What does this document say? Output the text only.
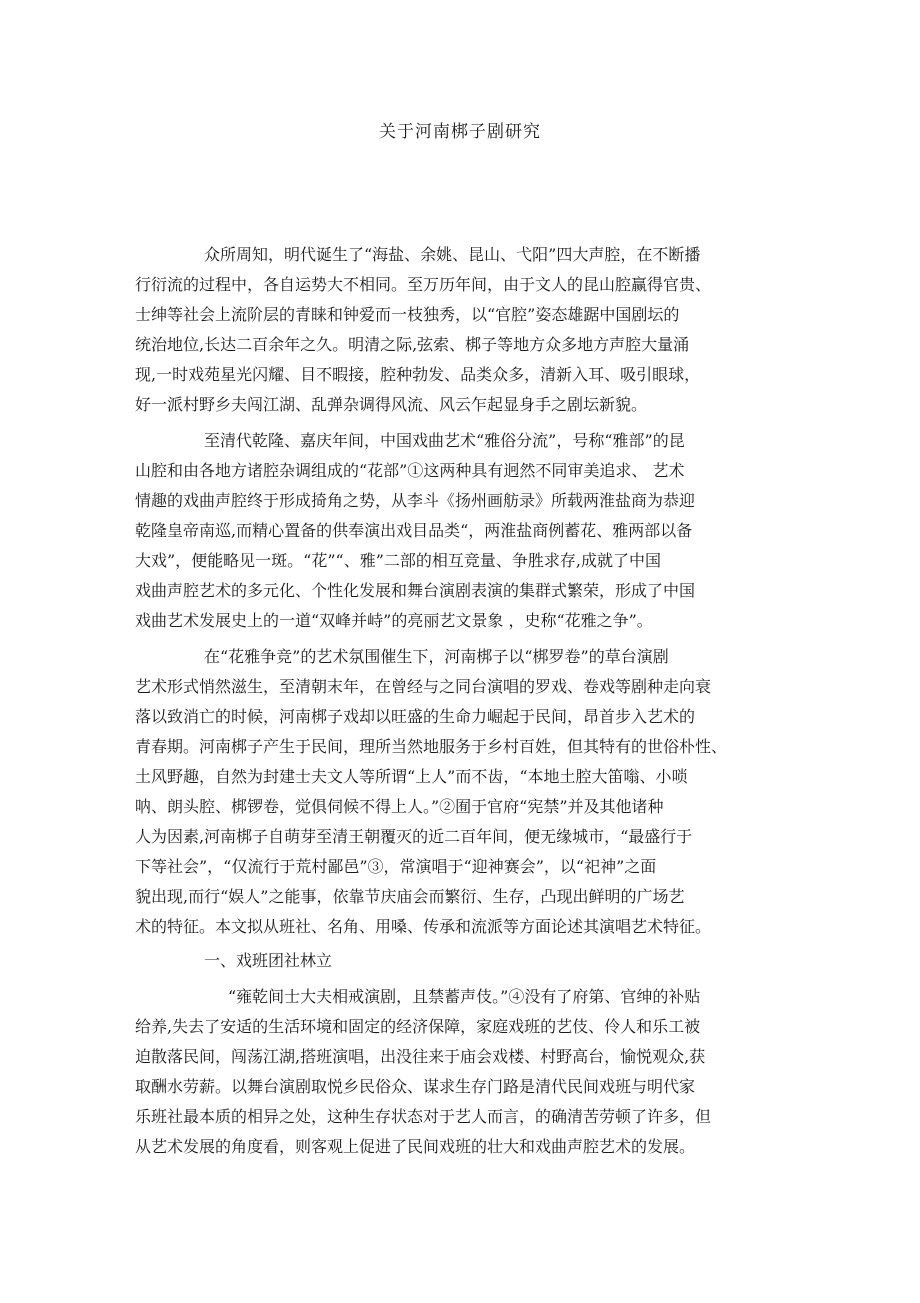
关于河南梆子剧研究

众所周知，明代诞生了“海盐、余姚、昆山、弋阳”四大声腔，在不断播

行衍流的过程中，各自运势大不相同。至万历年间，由于文人的昆山腔赢得官贵、

士绅等社会上流阶层的青睐和钟爱而一枝独秀，以“官腔”姿态雄踞中国剧坛的

统治地位,长达二百余年之久。明清之际,弦索、梆子等地方众多地方声腔大量涌

现,一时戏苑星光闪耀、目不暇接，腔种勃发、品类众多，清新入耳、吸引眼球，

好一派村野乡夫闯江湖、乱弹杂调得风流、风云乍起显身手之剧坛新貌。

至清代乾隆、嘉庆年间，中国戏曲艺术“雅俗分流”，号称“雅部”的昆

山腔和由各地方诸腔杂调组成的“花部”①这两种具有迥然不同审美追求、 艺术

情趣的戏曲声腔终于形成掎角之势，从李斗《扬州画舫录》所载两淮盐商为恭迎

乾隆皇帝南巡,而精心置备的供奉演出戏目品类“，两淮盐商例蓄花、雅两部以备

大戏”，便能略见一斑。“花”“、雅”二部的相互竞量、争胜求存,成就了中国

戏曲声腔艺术的多元化、个性化发展和舞台演剧表演的集群式繁荣，形成了中国

戏曲艺术发展史上的一道“双峰并峙”的亮丽艺文景象 ，史称“花雅之争”。

在“花雅争竞”的艺术氛围催生下，河南梆子以“梆罗卷”的草台演剧

艺术形式悄然滋生，至清朝末年，在曾经与之同台演唱的罗戏、卷戏等剧种走向衰

落以致消亡的时候，河南梆子戏却以旺盛的生命力崛起于民间，昂首步入艺术的

青春期。河南梆子产生于民间，理所当然地服务于乡村百姓，但其特有的世俗朴性、

土风野趣，自然为封建士夫文人等所谓“上人”而不齿，“本地土腔大笛嗡、小唢

呐、朗头腔、梆锣卷，觉俱伺候不得上人。”②囿于官府“宪禁”并及其他诸种

人为因素,河南梆子自萌芽至清王朝覆灭的近二百年间，便无缘城市，“最盛行于

下等社会”，“仅流行于荒村鄙邑”③，常演唱于“迎神赛会”，以“祀神”之面

貌出现,而行“娱人”之能事，依靠节庆庙会而繁衍、生存，凸现出鲜明的广场艺

术的特征。本文拟从班社、名角、用嗓、传承和流派等方面论述其演唱艺术特征。

一、戏班团社林立

“雍乾间士大夫相戒演剧，且禁蓄声伎。”④没有了府第、官绅的补贴

给养,失去了安适的生活环境和固定的经济保障，家庭戏班的艺伎、伶人和乐工被

迫散落民间，闯荡江湖,搭班演唱，出没往来于庙会戏楼、村野高台，愉悦观众,获

取酬水劳薪。以舞台演剧取悦乡民俗众、谋求生存门路是清代民间戏班与明代家

乐班社最本质的相异之处，这种生存状态对于艺人而言，的确清苦劳顿了许多，但

从艺术发展的角度看，则客观上促进了民间戏班的壮大和戏曲声腔艺术的发展。
